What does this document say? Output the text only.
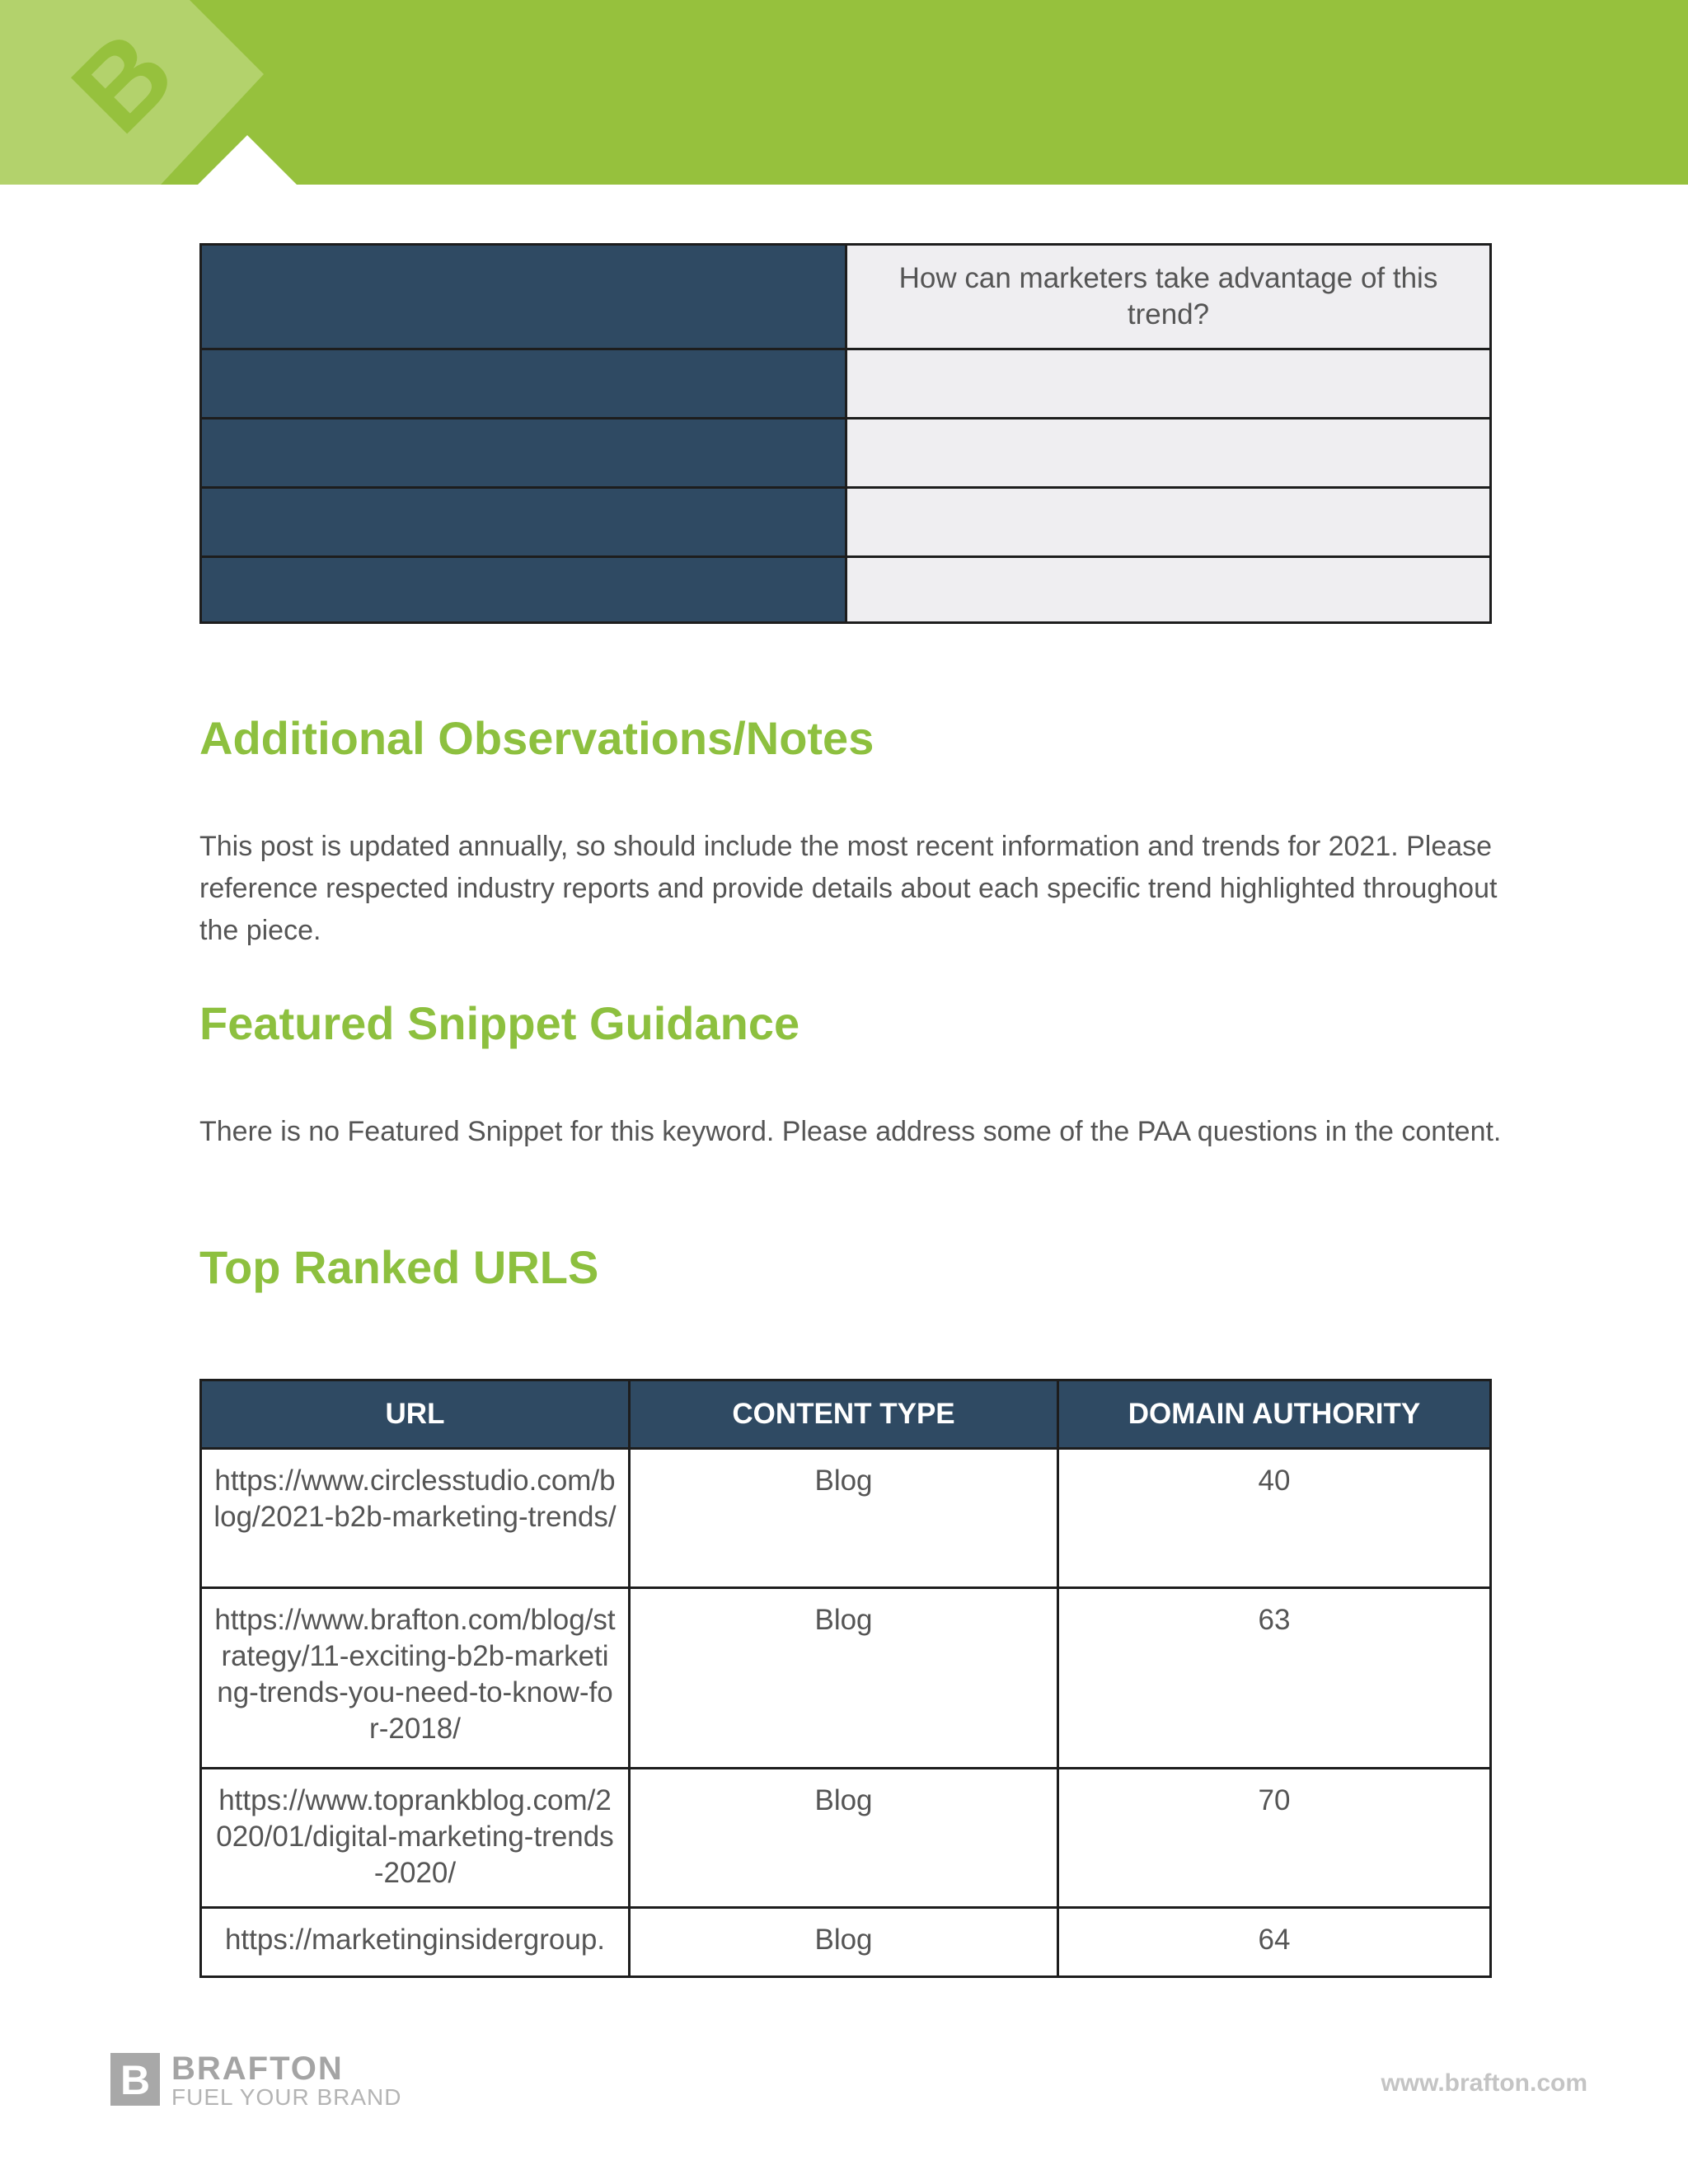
B
	How can marketers take advantage of this trend?

Additional Observations/Notes

This post is updated annually, so should include the most recent information and trends for 2021. Please reference respected industry reports and provide details about each specific trend highlighted throughout the piece.

Featured Snippet Guidance

There is no Featured Snippet for this keyword. Please address some of the PAA questions in the content.

Top Ranked URLS
URL	CONTENT TYPE	DOMAIN AUTHORITY
https://www.circlesstudio.com/blog/2021-b2b-marketing-trends/	Blog	40
https://www.brafton.com/blog/strategy/11-exciting-b2b-marketing-trends-you-need-to-know-for-2018/	Blog	63
https://www.toprankblog.com/2020/01/digital-marketing-trends-2020/	Blog	70
https://marketinginsidergroup.	Blog	64
B BRAFTON

FUEL YOUR BRAND

www.brafton.com
